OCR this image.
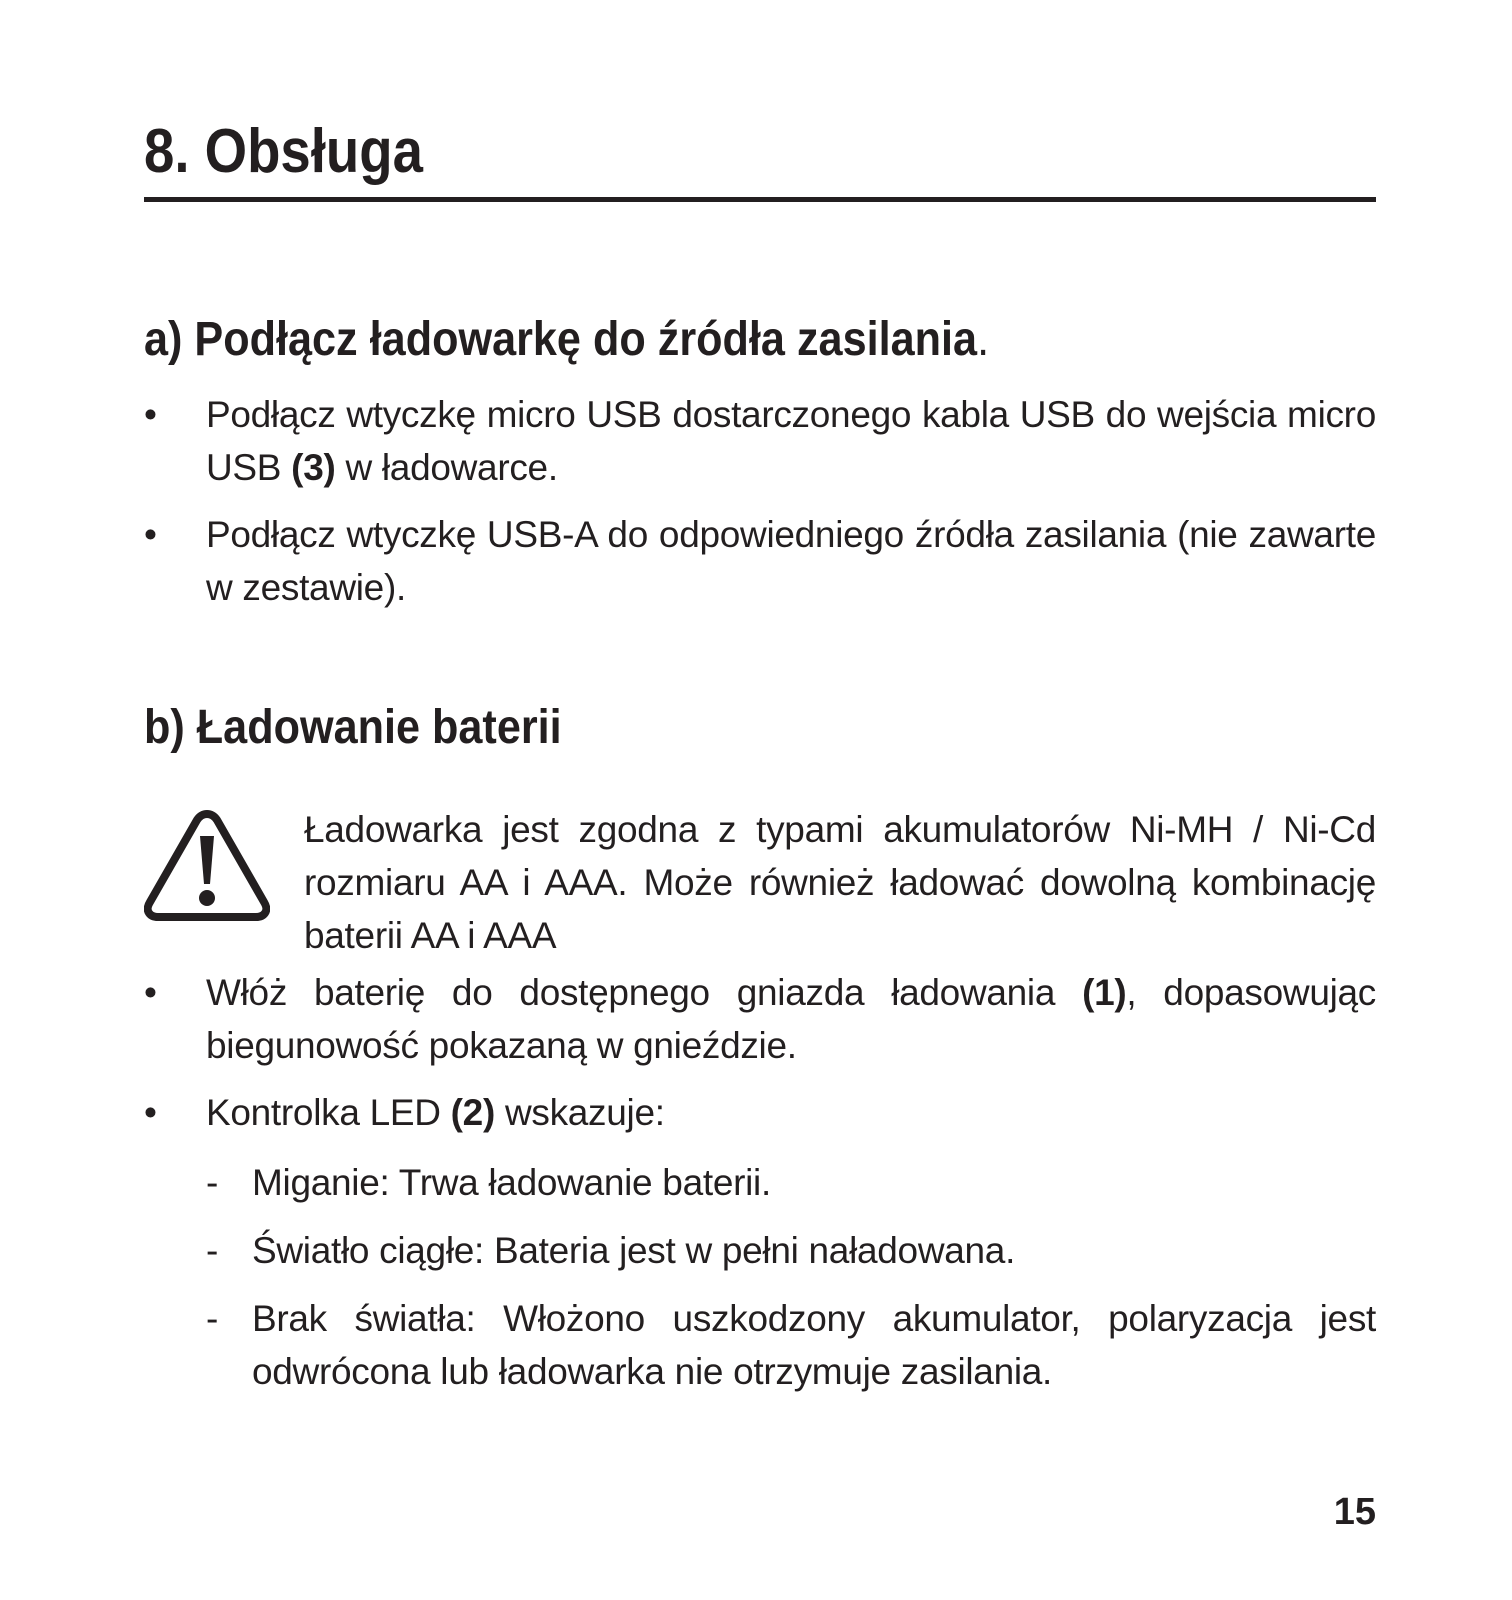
8. Obsługa
a) Podłącz ładowarkę do źródła zasilania.
• Podłącz wtyczkę micro USB dostarczonego kabla USB do wejścia micro USB (3) w ładowarce.
• Podłącz wtyczkę USB-A do odpowiedniego źródła zasilania (nie zawarte w zestawie).
b) Ładowanie baterii
Ładowarka jest zgodna z typami akumulatorów Ni-MH / Ni-Cd rozmiaru AA i AAA. Może również ładować dowolną kombinację baterii AA i AAA
• Włóż baterię do dostępnego gniazda ładowania (1), dopasowując biegunowość pokazaną w gnieździe.
• Kontrolka LED (2) wskazuje:
- Miganie: Trwa ładowanie baterii.
- Światło ciągłe: Bateria jest w pełni naładowana.
- Brak światła: Włożono uszkodzony akumulator, polaryzacja jest odwrócona lub ładowarka nie otrzymuje zasilania.
15
